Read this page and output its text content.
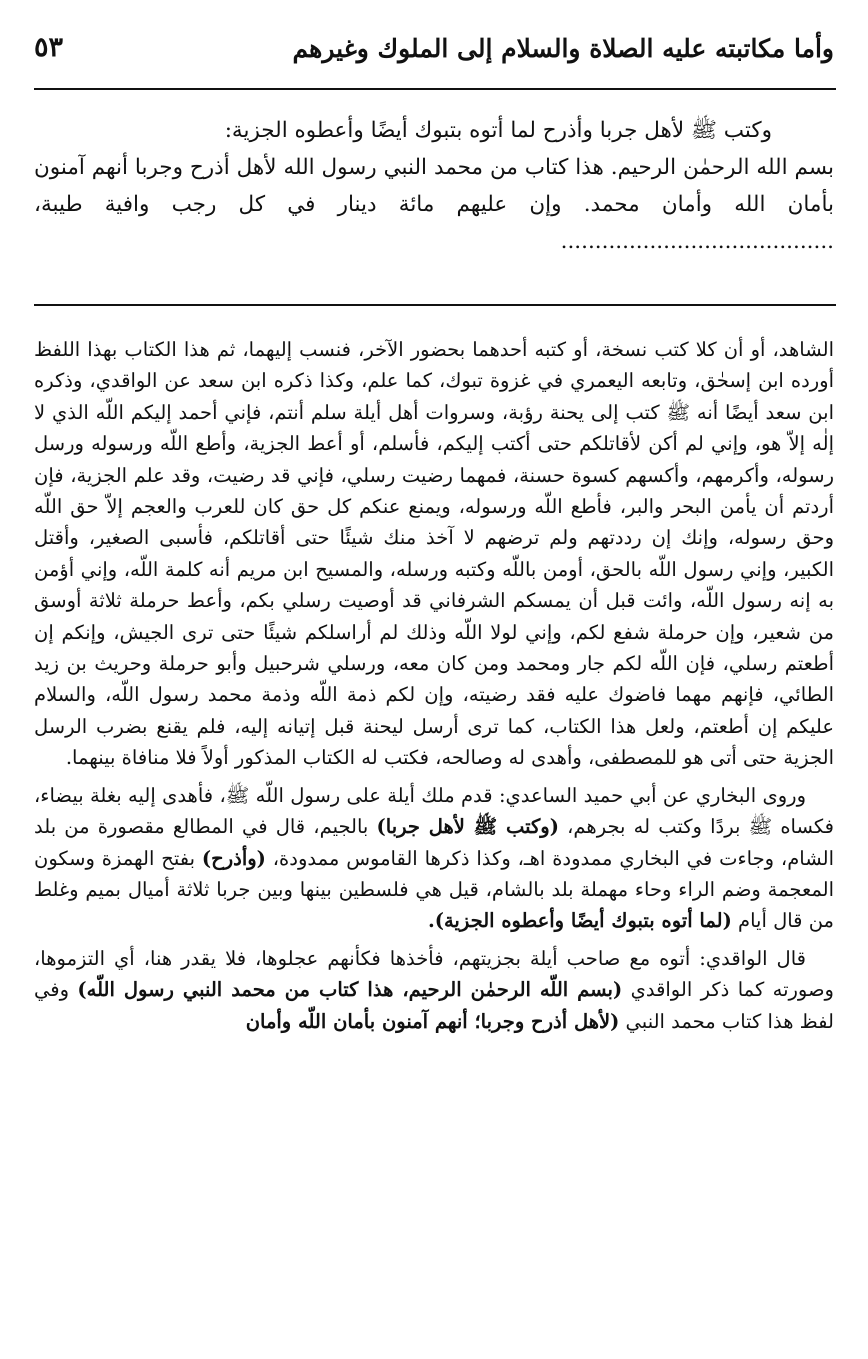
وأما مكاتبته عليه الصلاة والسلام إلى الملوك وغيرهم
٥٣

وكتب ﷺ لأهل جربا وأذرح لما أتوه بتبوك أيضًا وأعطوه الجزية:

بسم الله الرحمٰن الرحيم. هذا كتاب من محمد النبي رسول الله لأهل أذرح وجربا أنهم آمنون بأمان الله وأمان محمد. وإن عليهم مائة دينار في كل رجب وافية طيبة، ........................................

الشاهد، أو أن كلا كتب نسخة، أو كتبه أحدهما بحضور الآخر، فنسب إليهما، ثم هذا الكتاب بهذا اللفظ أورده ابن إسحٰق، وتابعه اليعمري في غزوة تبوك، كما علم، وكذا ذكره ابن سعد عن الواقدي، وذكره ابن سعد أيضًا أنه ﷺ كتب إلى يحنة رؤبة، وسروات أهل أيلة سلم أنتم، فإني أحمد إليكم اللّه الذي لا إلٰه إلاّ هو، وإني لم أكن لأقاتلكم حتى أكتب إليكم، فأسلم، أو أعط الجزية، وأطع اللّه ورسوله ورسل رسوله، وأكرمهم، وأكسهم كسوة حسنة، فمهما رضيت رسلي، فإني قد رضيت، وقد علم الجزية، فإن أردتم أن يأمن البحر والبر، فأطع اللّه ورسوله، ويمنع عنكم كل حق كان للعرب والعجم إلاّ حق اللّه وحق رسوله، وإنك إن رددتهم ولم ترضهم لا آخذ منك شيئًا حتى أقاتلكم، فأسبى الصغير، وأقتل الكبير، وإني رسول اللّه بالحق، أومن باللّه وكتبه ورسله، والمسيح ابن مريم أنه كلمة اللّه، وإني أؤمن به إنه رسول اللّه، وائت قبل أن يمسكم الشرفاني قد أوصيت رسلي بكم، وأعط حرملة ثلاثة أوسق من شعير، وإن حرملة شفع لكم، وإني لولا اللّه وذلك لم أراسلكم شيئًا حتى ترى الجيش، وإنكم إن أطعتم رسلي، فإن اللّه لكم جار ومحمد ومن كان معه، ورسلي شرحبيل وأبو حرملة وحريث بن زيد الطائي، فإنهم مهما فاضوك عليه فقد رضيته، وإن لكم ذمة اللّه وذمة محمد رسول اللّه، والسلام عليكم إن أطعتم، ولعل هذا الكتاب، كما ترى أرسل ليحنة قبل إتيانه إليه، فلم يقنع بضرب الرسل الجزية حتى أتى هو للمصطفى، وأهدى له وصالحه، فكتب له الكتاب المذكور أولاً فلا منافاة بينهما.

وروى البخاري عن أبي حميد الساعدي: قدم ملك أيلة على رسول اللّه ﷺ، فأهدى إليه بغلة بيضاء، فكساه ﷺ بردًا وكتب له بجرهم، (وكتب ﷺ لأهل جربا) بالجيم، قال في المطالع مقصورة من بلد الشام، وجاءت في البخاري ممدودة اهـ، وكذا ذكرها القاموس ممدودة، (وأذرح) بفتح الهمزة وسكون المعجمة وضم الراء وحاء مهملة بلد بالشام، قيل هي فلسطين بينها وبين جربا ثلاثة أميال بميم وغلط من قال أيام (لما أتوه بتبوك أيضًا وأعطوه الجزية).

قال الواقدي: أتوه مع صاحب أيلة بجزيتهم، فأخذها فكأنهم عجلوها، فلا يقدر هنا، أي التزموها، وصورته كما ذكر الواقدي (بسم اللّه الرحمٰن الرحيم، هذا كتاب من محمد النبي رسول اللّه) وفي لفظ هذا كتاب محمد النبي (لأهل أذرح وجربا؛ أنهم آمنون بأمان اللّه وأمان
